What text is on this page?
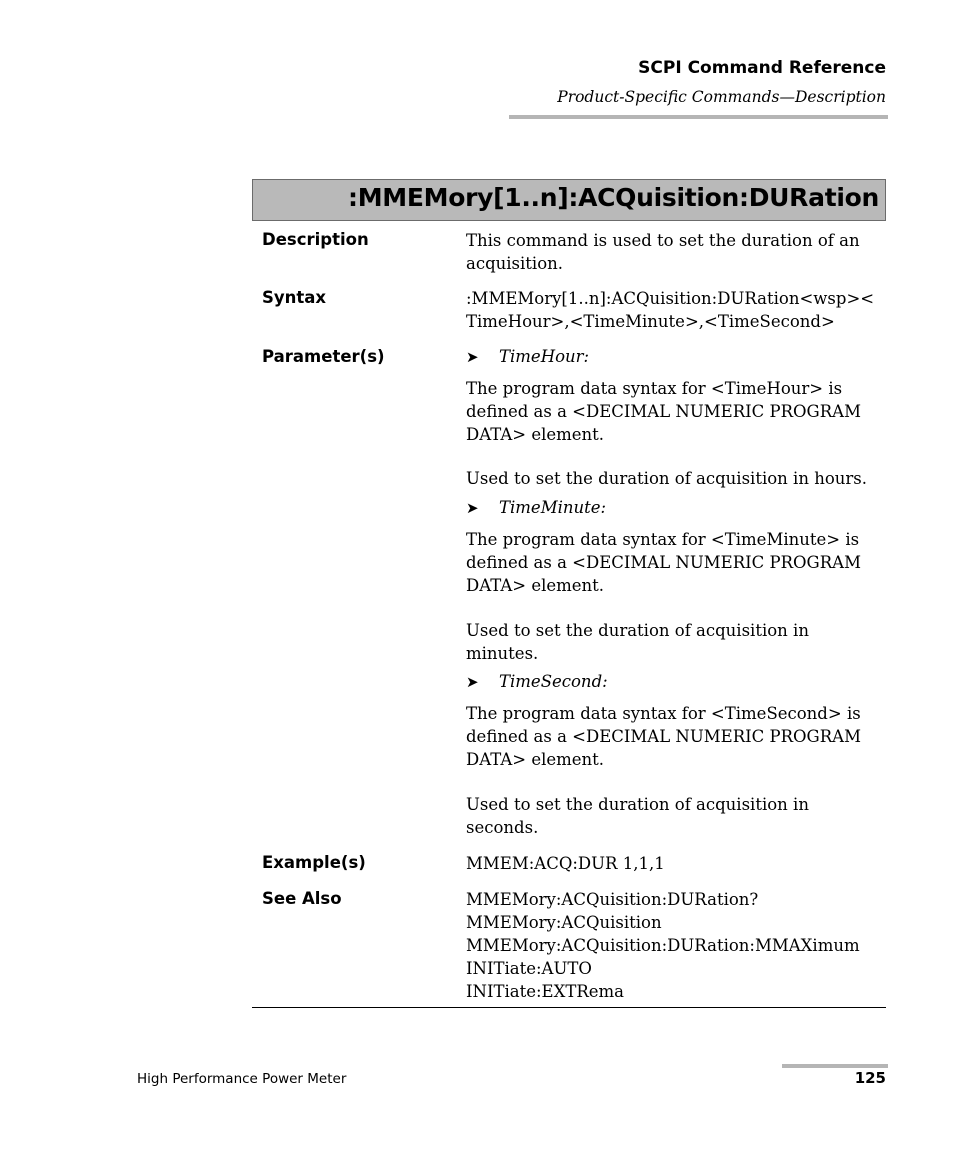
SCPI Command Reference
Product-Specific Commands—Description
:MMEMory[1..n]:ACQuisition:DURation
Description	This command is used to set the duration of an
acquisition.
Syntax	:MMEMory[1..n]:ACQuisition:DURation<wsp><
TimeHour>,<TimeMinute>,<TimeSecond>
Parameter(s)	➤ TimeHour:
The program data syntax for <TimeHour> is
defined as a <DECIMAL NUMERIC PROGRAM
DATA> element.
Used to set the duration of acquisition in hours.
➤ TimeMinute:
The program data syntax for <TimeMinute> is
defined as a <DECIMAL NUMERIC PROGRAM
DATA> element.
Used to set the duration of acquisition in
minutes.
➤ TimeSecond:
The program data syntax for <TimeSecond> is
defined as a <DECIMAL NUMERIC PROGRAM
DATA> element.
Used to set the duration of acquisition in
seconds.
Example(s)	MMEM:ACQ:DUR 1,1,1
See Also	MMEMory:ACQuisition:DURation?
MMEMory:ACQuisition
MMEMory:ACQuisition:DURation:MMAXimum
INITiate:AUTO
INITiate:EXTRema
High Performance Power Meter	125
